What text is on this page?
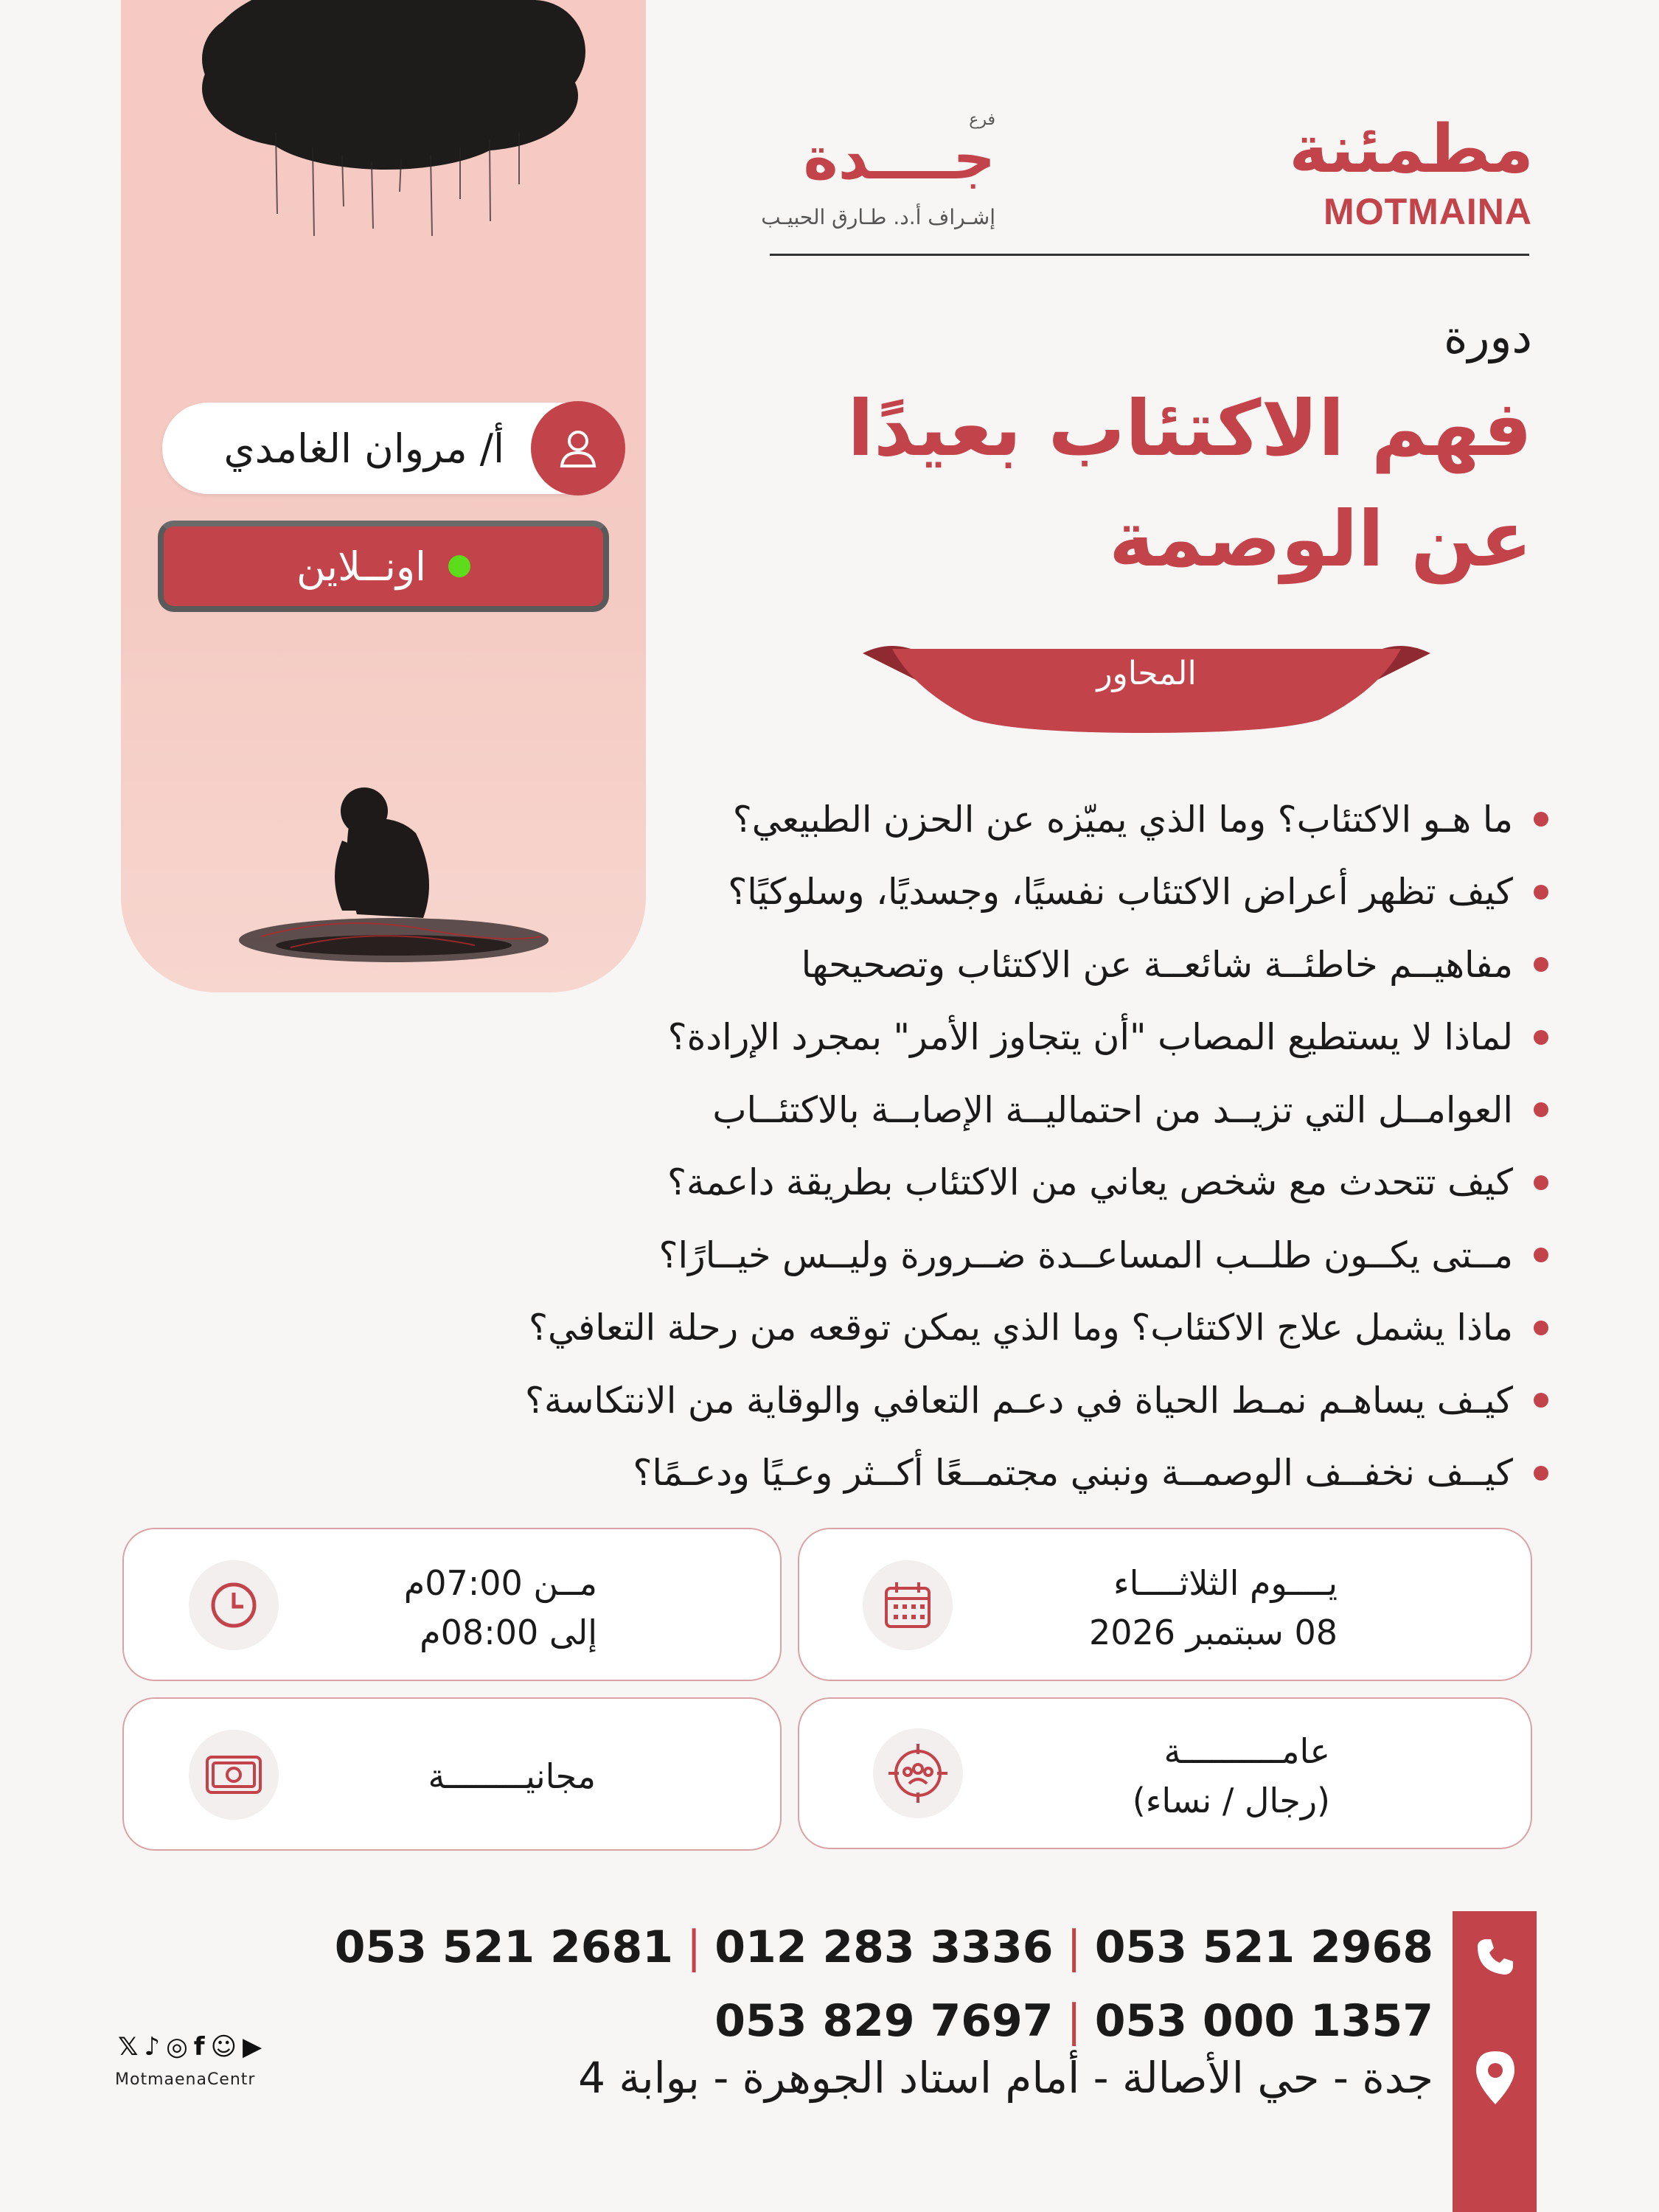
أ/ مروان الغامدي
اونــلاين
مطمئنة
MOTMAINA
فرع
جــــدة
إشـراف أ.د. طـارق الحبيـب
دورة
فهم الاكتئاب بعيدًا
عن الوصمة
المحاور
ما هـو الاكتئاب؟ وما الذي يميّزه عن الحزن الطبيعي؟
كيف تظهر أعراض الاكتئاب نفسيًا، وجسديًا، وسلوكيًا؟
مفاهيــم خاطئــة شائعــة عن الاكتئاب وتصحيحها
لماذا لا يستطيع المصاب "أن يتجاوز الأمر" بمجرد الإرادة؟
العوامــل التي تزيــد من احتماليــة الإصابــة بالاكتئــاب
كيف تتحدث مع شخص يعاني من الاكتئاب بطريقة داعمة؟
مــتى يكــون طلــب المساعــدة ضــرورة وليــس خيــارًا؟
ماذا يشمل علاج الاكتئاب؟ وما الذي يمكن توقعه من رحلة التعافي؟
كيـف يساهـم نمـط الحياة في دعـم التعافي والوقاية من الانتكاسة؟
كيــف نخفــف الوصمــة ونبني مجتمــعًا أكــثر وعـيًا ودعـمًا؟
يــــوم الثلاثــــاء
08 سبتمبر 2026
مــن 07:00م
إلى 08:00م
عامــــــــــة
(رجال / نساء)
مجانيــــــــة
053 521 2681 | 012 283 3336 | 053 521 2968
053 829 7697 | 053 000 1357
جدة - حي الأصالة - أمام استاد الجوهرة - بوابة 4
𝕏 ♪ ◎ f ☺ ▶
MotmaenaCentr
